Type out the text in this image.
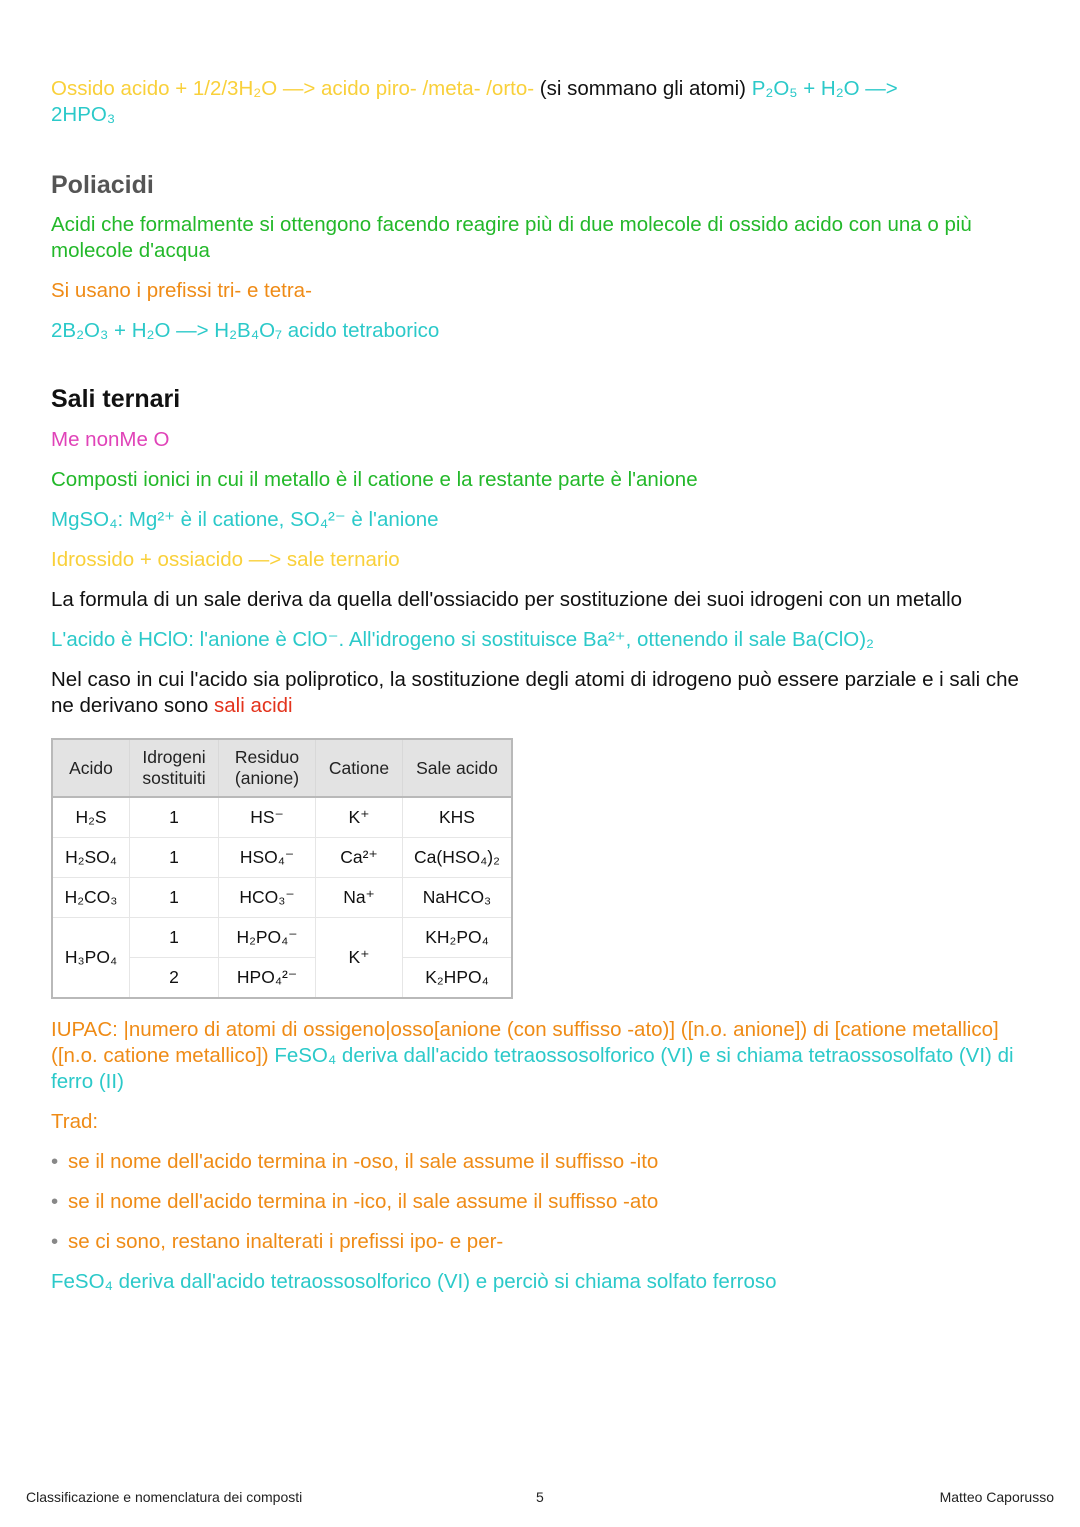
Ossido acido + 1/2/3H₂O —> acido piro- /meta- /orto- (si sommano gli atomi) P₂O₅ + H₂O —>
2HPO₃

Poliacidi

Acidi che formalmente si ottengono facendo reagire più di due molecole di ossido acido con una o più molecole d'acqua

Si usano i prefissi tri- e tetra-

2B₂O₃ + H₂O —> H₂B₄O₇ acido tetraborico

Sali ternari

Me nonMe O

Composti ionici in cui il metallo è il catione e la restante parte è l'anione

MgSO₄: Mg²⁺ è il catione, SO₄²⁻ è l'anione

Idrossido + ossiacido —> sale ternario

La formula di un sale deriva da quella dell'ossiacido per sostituzione dei suoi idrogeni con un metallo

L'acido è HClO: l'anione è ClO⁻. All'idrogeno si sostituisce Ba²⁺, ottenendo il sale Ba(ClO)₂

Nel caso in cui l'acido sia poliprotico, la sostituzione degli atomi di idrogeno può essere parziale e i sali che ne derivano sono sali acidi

Acido	Idrogeni sostituiti	Residuo (anione)	Catione	Sale acido
H₂S	1	HS⁻	K⁺	KHS
H₂SO₄	1	HSO₄⁻	Ca²⁺	Ca(HSO₄)₂
H₂CO₃	1	HCO₃⁻	Na⁺	NaHCO₃
H₃PO₄	1	H₂PO₄⁻	K⁺	KH₂PO₄
	2	HPO₄²⁻		K₂HPO₄

IUPAC: |numero di atomi di ossigeno|osso[anione (con suffisso -ato)] ([n.o. anione]) di [catione metallico] ([n.o. catione metallico]) FeSO₄ deriva dall'acido tetraossosolforico (VI) e si chiama tetraossosolfato (VI) di ferro (II)

Trad:

• se il nome dell'acido termina in -oso, il sale assume il suffisso -ito

• se il nome dell'acido termina in -ico, il sale assume il suffisso -ato

• se ci sono, restano inalterati i prefissi ipo- e per-

FeSO₄ deriva dall'acido tetraossosolforico (VI) e perciò si chiama solfato ferroso

Classificazione e nomenclatura dei composti	5	Matteo Caporusso
